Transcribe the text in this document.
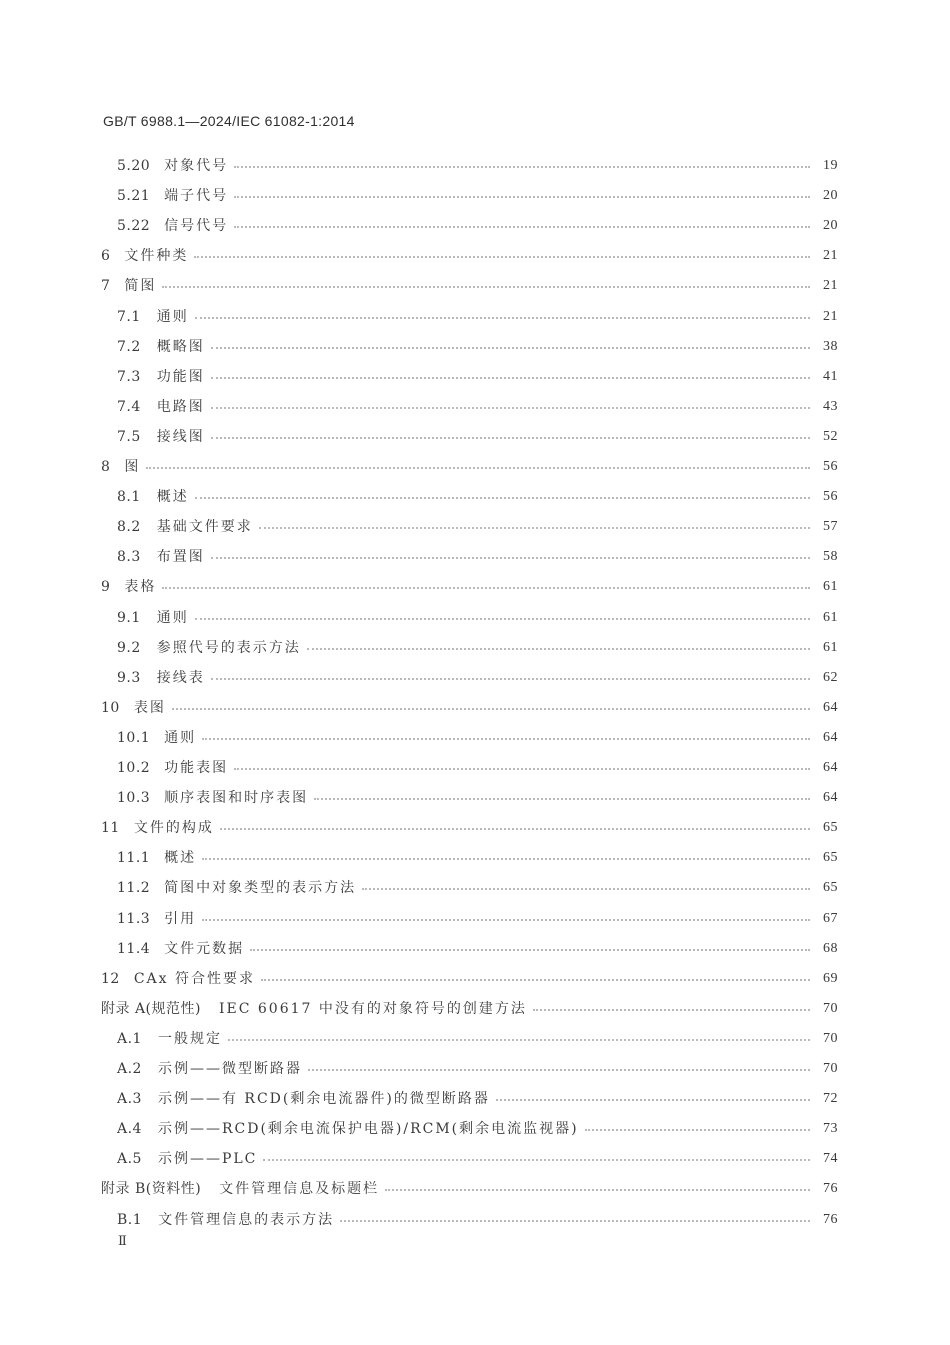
GB/T 6988.1—2024/IEC 61082-1:2014
5.20 对象代号	19
5.21 端子代号	20
5.22 信号代号	20
6 文件种类	21
7 简图	21
7.1 通则	21
7.2 概略图	38
7.3 功能图	41
7.4 电路图	43
7.5 接线图	52
8 图	56
8.1 概述	56
8.2 基础文件要求	57
8.3 布置图	58
9 表格	61
9.1 通则	61
9.2 参照代号的表示方法	61
9.3 接线表	62
10 表图	64
10.1 通则	64
10.2 功能表图	64
10.3 顺序表图和时序表图	64
11 文件的构成	65
11.1 概述	65
11.2 简图中对象类型的表示方法	65
11.3 引用	67
11.4 文件元数据	68
12 CAx 符合性要求	69
附录 A(规范性) IEC 60617 中没有的对象符号的创建方法	70
A.1 一般规定	70
A.2 示例——微型断路器	70
A.3 示例——有 RCD(剩余电流器件)的微型断路器	72
A.4 示例——RCD(剩余电流保护电器)/RCM(剩余电流监视器)	73
A.5 示例——PLC	74
附录 B(资料性) 文件管理信息及标题栏	76
B.1 文件管理信息的表示方法	76
Ⅱ
